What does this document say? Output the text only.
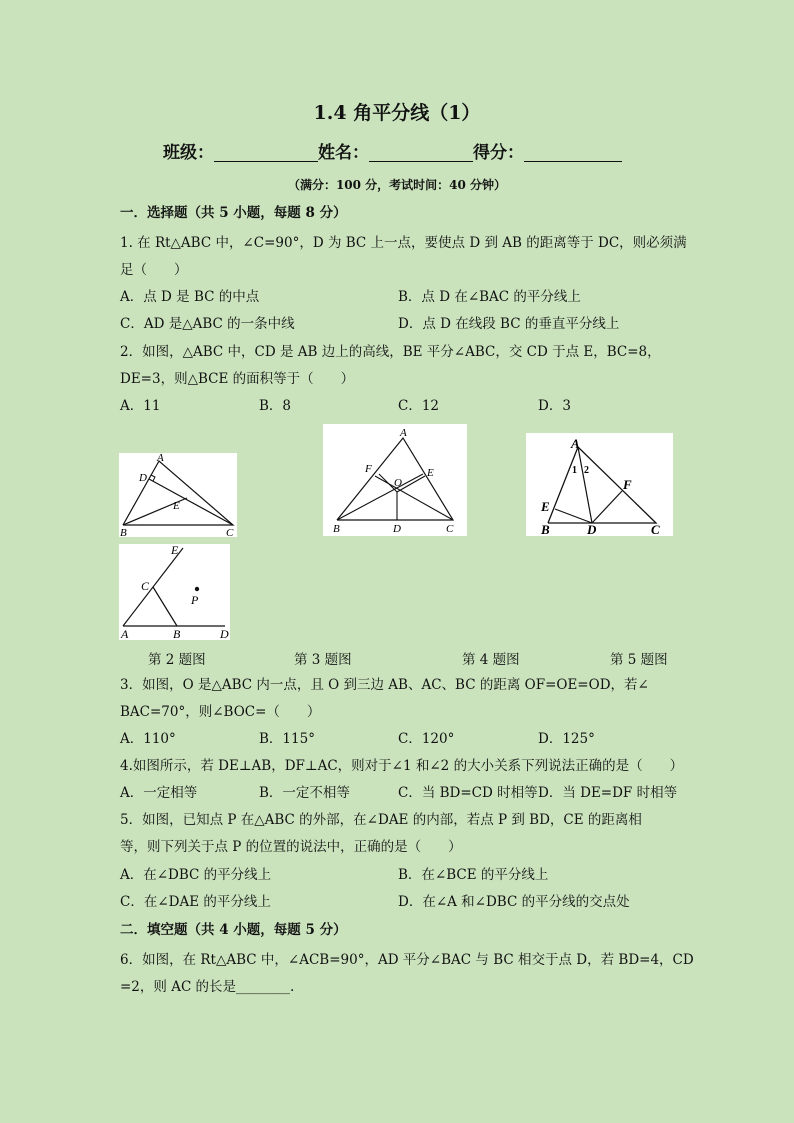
1.4 角平分线（1）
班级：	姓名：	得分：
（满分：100 分，考试时间：40 分钟）
一．选择题（共 5 小题，每题 8 分）
1. 在 Rt△ABC 中，∠C=90°，D 为 BC 上一点，要使点 D 到 AB 的距离等于 DC，则必须满
足（　　）
A．点 D 是 BC 的中点	B．点 D 在∠BAC 的平分线上
C．AD 是△ABC 的一条中线	D．点 D 在线段 BC 的垂直平分线上
2．如图，△ABC 中，CD 是 AB 边上的高线，BE 平分∠ABC，交 CD 于点 E，BC=8，
DE=3，则△BCE 的面积等于（　　）
A．11	B．8	C．12	D．3
A
D
E
B	C
A
F	E
O
B	D	C
A
1 2
F
E
B	D	C
E
C
P
A	B	D
第 2 题图	第 3 题图	第 4 题图	第 5 题图
3．如图，O 是△ABC 内一点，且 O 到三边 AB、AC、BC 的距离 OF=OE=OD，若∠
BAC=70°，则∠BOC=（　　）
A．110°	B．115°	C．120°	D．125°
4.如图所示，若 DE⊥AB，DF⊥AC，则对于∠1 和∠2 的大小关系下列说法正确的是（　　）
A．一定相等	B．一定不相等	C．当 BD=CD 时相等 D．当 DE=DF 时相等
5．如图，已知点 P 在△ABC 的外部，在∠DAE 的内部，若点 P 到 BD，CE 的距离相
等，则下列关于点 P 的位置的说法中，正确的是（　　）
A．在∠DBC 的平分线上	B．在∠BCE 的平分线上
C．在∠DAE 的平分线上	D．在∠A 和∠DBC 的平分线的交点处
二．填空题（共 4 小题，每题 5 分）
6．如图，在 Rt△ABC 中，∠ACB=90°，AD 平分∠BAC 与 BC 相交于点 D，若 BD=4，CD
=2，则 AC 的长是________.
